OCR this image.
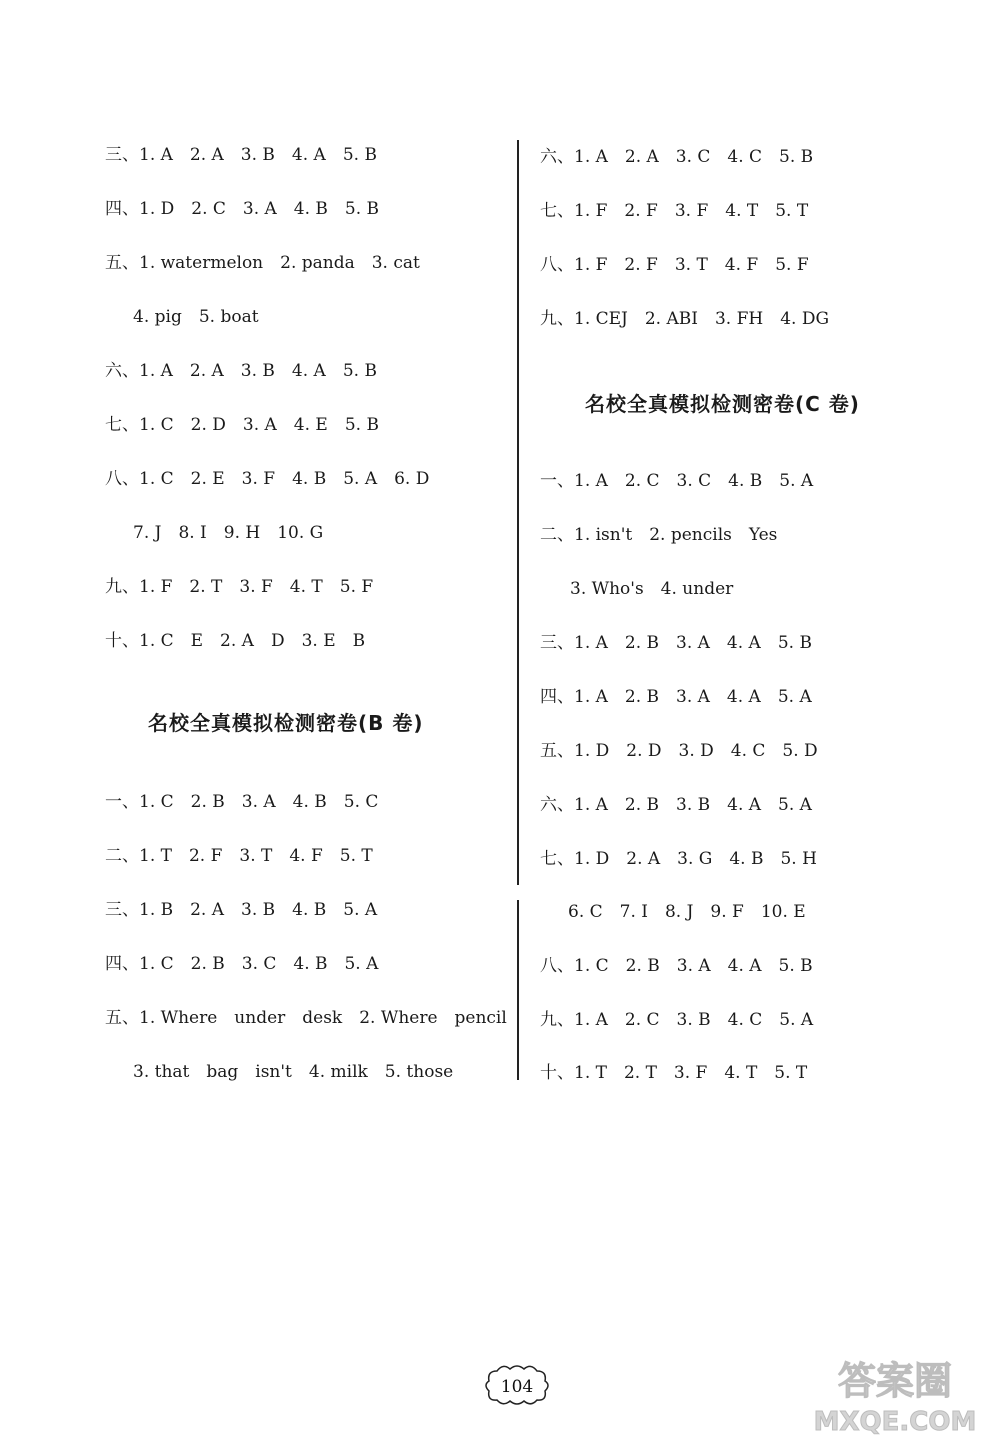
三、1. A　2. A　3. B　4. A　5. B
四、1. D　2. C　3. A　4. B　5. B
五、1. watermelon　2. panda　3. cat
4. pig　5. boat
六、1. A　2. A　3. B　4. A　5. B
七、1. C　2. D　3. A　4. E　5. B
八、1. C　2. E　3. F　4. B　5. A　6. D
7. J　8. I　9. H　10. G
九、1. F　2. T　3. F　4. T　5. F
十、1. C　E　2. A　D　3. E　B
名校全真模拟检测密卷(B 卷)
一、1. C　2. B　3. A　4. B　5. C
二、1. T　2. F　3. T　4. F　5. T
三、1. B　2. A　3. B　4. B　5. A
四、1. C　2. B　3. C　4. B　5. A
五、1. Where　under　desk　2. Where　pencil
3. that　bag　isn't　4. milk　5. those
六、1. A　2. A　3. C　4. C　5. B
七、1. F　2. F　3. F　4. T　5. T
八、1. F　2. F　3. T　4. F　5. F
九、1. CEJ　2. ABI　3. FH　4. DG
名校全真模拟检测密卷(C 卷)
一、1. A　2. C　3. C　4. B　5. A
二、1. isn't　2. pencils　Yes
3. Who's　4. under
三、1. A　2. B　3. A　4. A　5. B
四、1. A　2. B　3. A　4. A　5. A
五、1. D　2. D　3. D　4. C　5. D
六、1. A　2. B　3. B　4. A　5. A
七、1. D　2. A　3. G　4. B　5. H
6. C　7. I　8. J　9. F　10. E
八、1. C　2. B　3. A　4. A　5. B
九、1. A　2. C　3. B　4. C　5. A
十、1. T　2. T　3. F　4. T　5. T
104	答案圈
MXQE.COM
